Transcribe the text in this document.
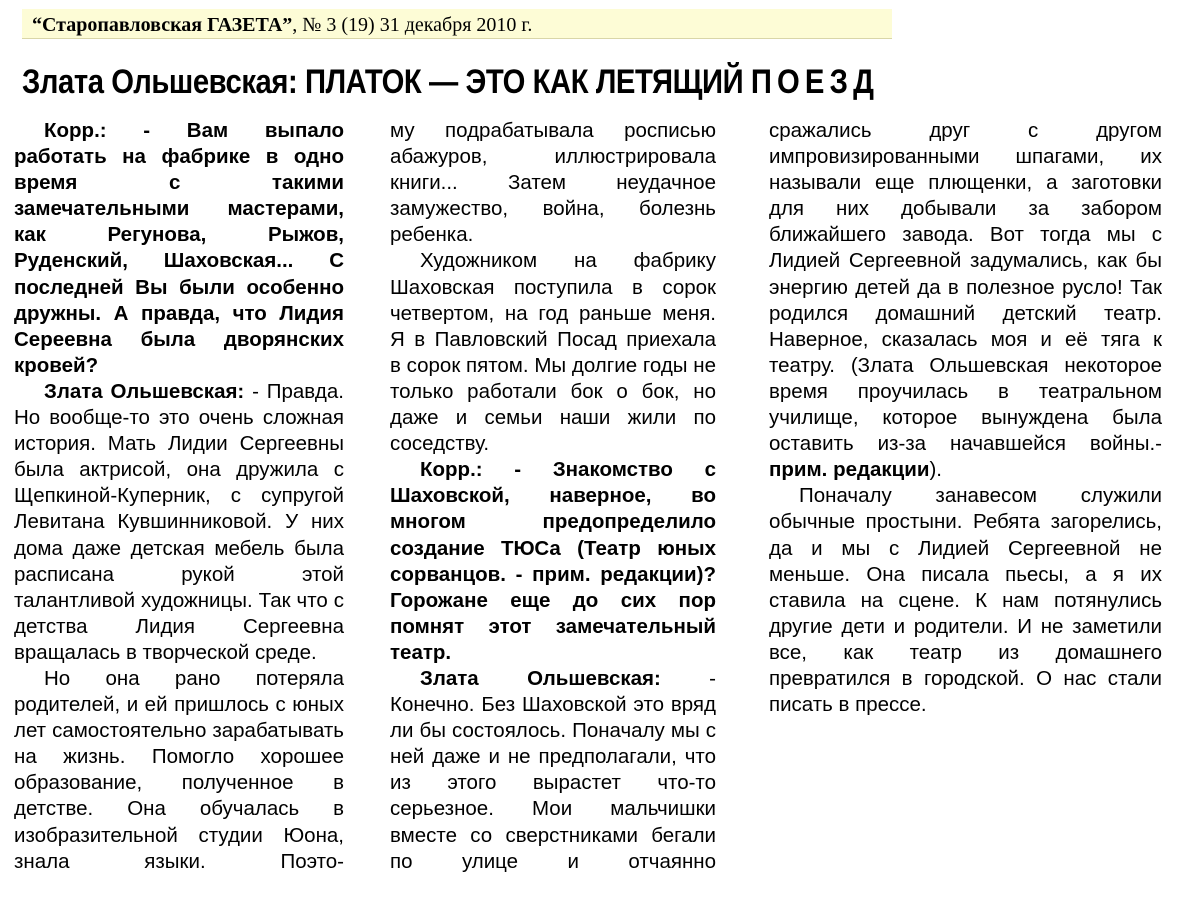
“Старопавловская ГАЗЕТА”, № 3 (19) 31 декабря 2010 г.
Злата Ольшевская: ПЛАТОК — ЭТО КАК ЛЕТЯЩИЙ ПОЕЗД

Корр.: - Вам выпало работать на фабрике в одно время с такими замечательными мастерами, как Регунова, Рыжов, Руденский, Шаховская... С последней Вы были особенно дружны. А правда, что Лидия Сереевна была дворянских кровей?

Злата Ольшевская: - Правда. Но вообще-то это очень сложная история. Мать Лидии Сергеевны была актрисой, она дружила с Щепкиной-Куперник, с супругой Левитана Кувшинниковой. У них дома даже детская мебель была расписана рукой этой талантливой художницы. Так что с детства Лидия Сергеевна вращалась в творческой среде.

Но она рано потеряла родителей, и ей пришлось с юных лет самостоятельно зарабатывать на жизнь. Помогло хорошее образование, полученное в детстве. Она обучалась в изобразительной студии Юона, знала языки. Поэто-

му подрабатывала росписью абажуров, иллюстрировала книги... Затем неудачное замужество, война, болезнь ребенка.

Художником на фабрику Шаховская поступила в сорок четвертом, на год раньше меня. Я в Павловский Посад приехала в сорок пятом. Мы долгие годы не только работали бок о бок, но даже и семьи наши жили по соседству.

Корр.: - Знакомство с Шаховской, наверное, во многом предопределило создание ТЮСа (Театр юных сорванцов. - прим. редакции)? Горожане еще до сих пор помнят этот замечательный театр.

Злата Ольшевская: - Конечно. Без Шаховской это вряд ли бы состоялось. Поначалу мы с ней даже и не предполагали, что из этого вырастет что-то серьезное. Мои мальчишки вместе со сверстниками бегали по улице и отчаянно

сражались друг с другом импровизированными шпагами, их называли еще плющенки, а заготовки для них добывали за забором ближайшего завода. Вот тогда мы с Лидией Сергеевной задумались, как бы энергию детей да в полезное русло! Так родился домашний детский театр. Наверное, сказалась моя и её тяга к театру. (Злата Ольшевская некоторое время проучилась в театральном училище, которое вынуждена была оставить из-за начавшейся войны.- прим. редакции).

Поначалу занавесом служили обычные простыни. Ребята загорелись, да и мы с Лидией Сергеевной не меньше. Она писала пьесы, а я их ставила на сцене. К нам потянулись другие дети и родители. И не заметили все, как театр из домашнего превратился в городской. О нас стали писать в прессе.
